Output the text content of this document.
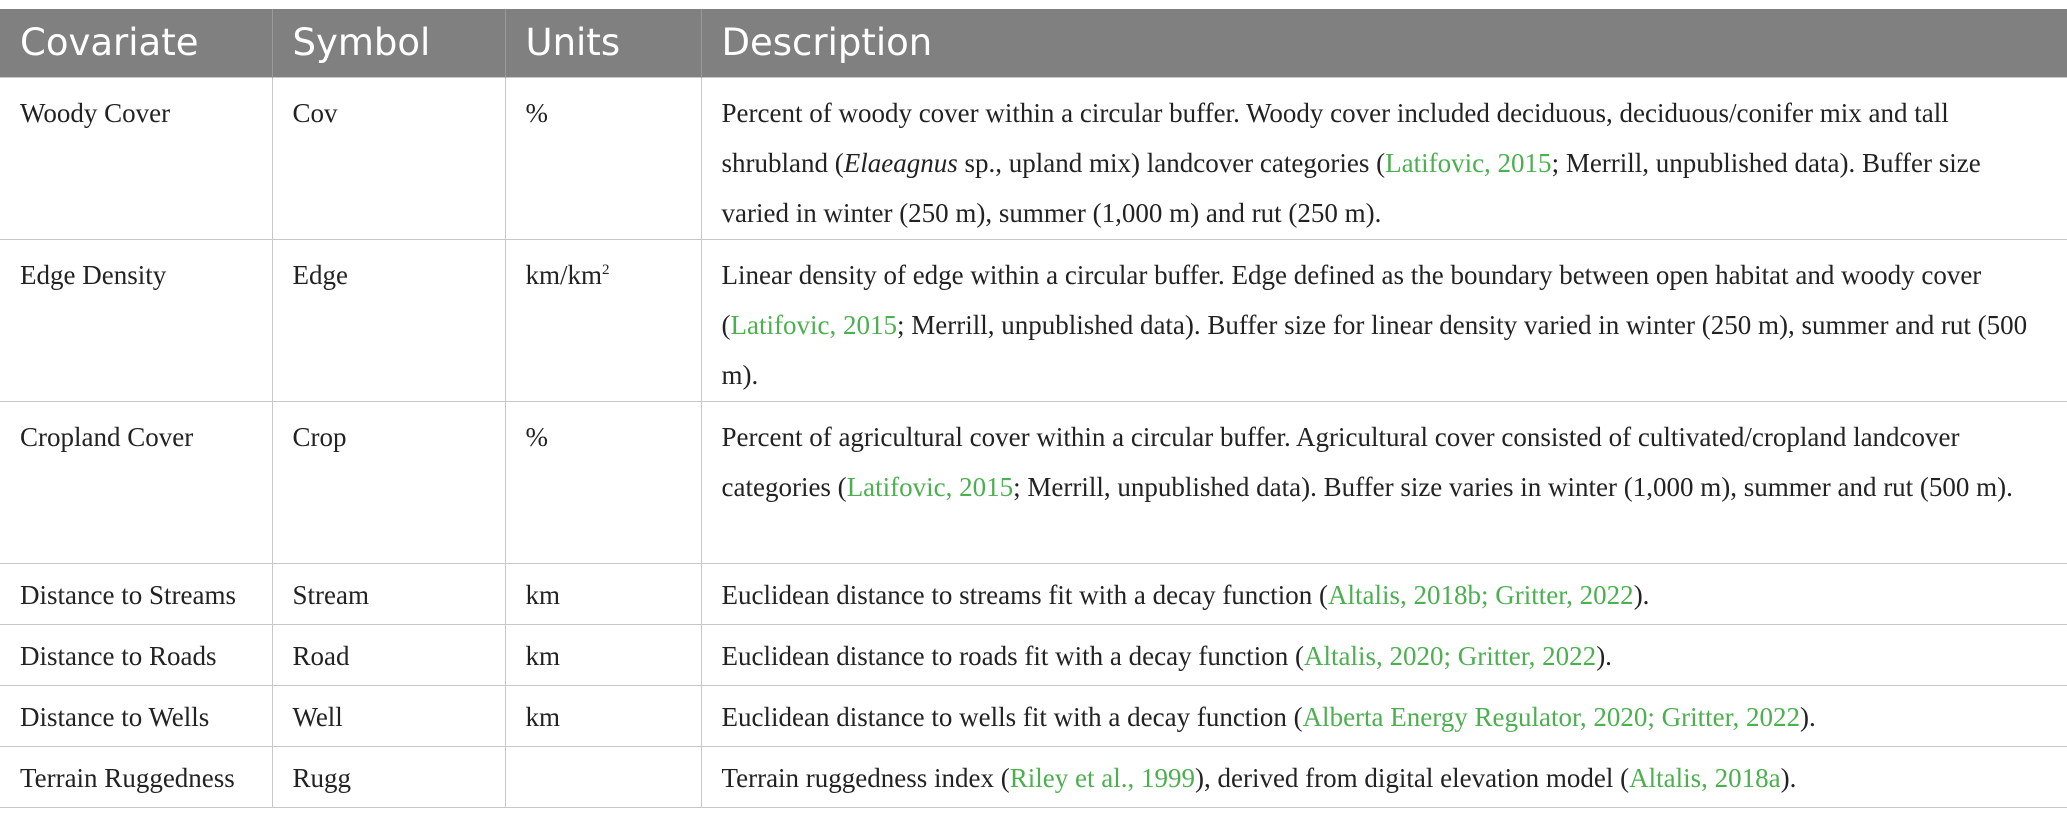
Covariate	Symbol	Units	Description
Woody Cover	Cov	%	Percent of woody cover within a circular buffer. Woody cover included deciduous, deciduous/conifer mix and tall shrubland (Elaeagnus sp., upland mix) landcover categories (Latifovic, 2015; Merrill, unpublished data). Buffer size varied in winter (250 m), summer (1,000 m) and rut (250 m).
Edge Density	Edge	$km/km^2$	Linear density of edge within a circular buffer. Edge defined as the boundary between open habitat and woody cover (Latifovic, 2015; Merrill, unpublished data). Buffer size for linear density varied in winter (250 m), summer and rut (500 m).
Cropland Cover	Crop	%	Percent of agricultural cover within a circular buffer. Agricultural cover consisted of cultivated/cropland landcover categories (Latifovic, 2015; Merrill, unpublished data). Buffer size varies in winter (1,000 m), summer and rut (500 m).
Distance to Streams	Stream	km	Euclidean distance to streams fit with a decay function (Altalis, 2018b; Gritter, 2022).
Distance to Roads	Road	km	Euclidean distance to roads fit with a decay function (Altalis, 2020; Gritter, 2022).
Distance to Wells	Well	km	Euclidean distance to wells fit with a decay function (Alberta Energy Regulator, 2020; Gritter, 2022).
Terrain Ruggedness	Rugg		Terrain ruggedness index (Riley et al., 1999), derived from digital elevation model (Altalis, 2018a).
